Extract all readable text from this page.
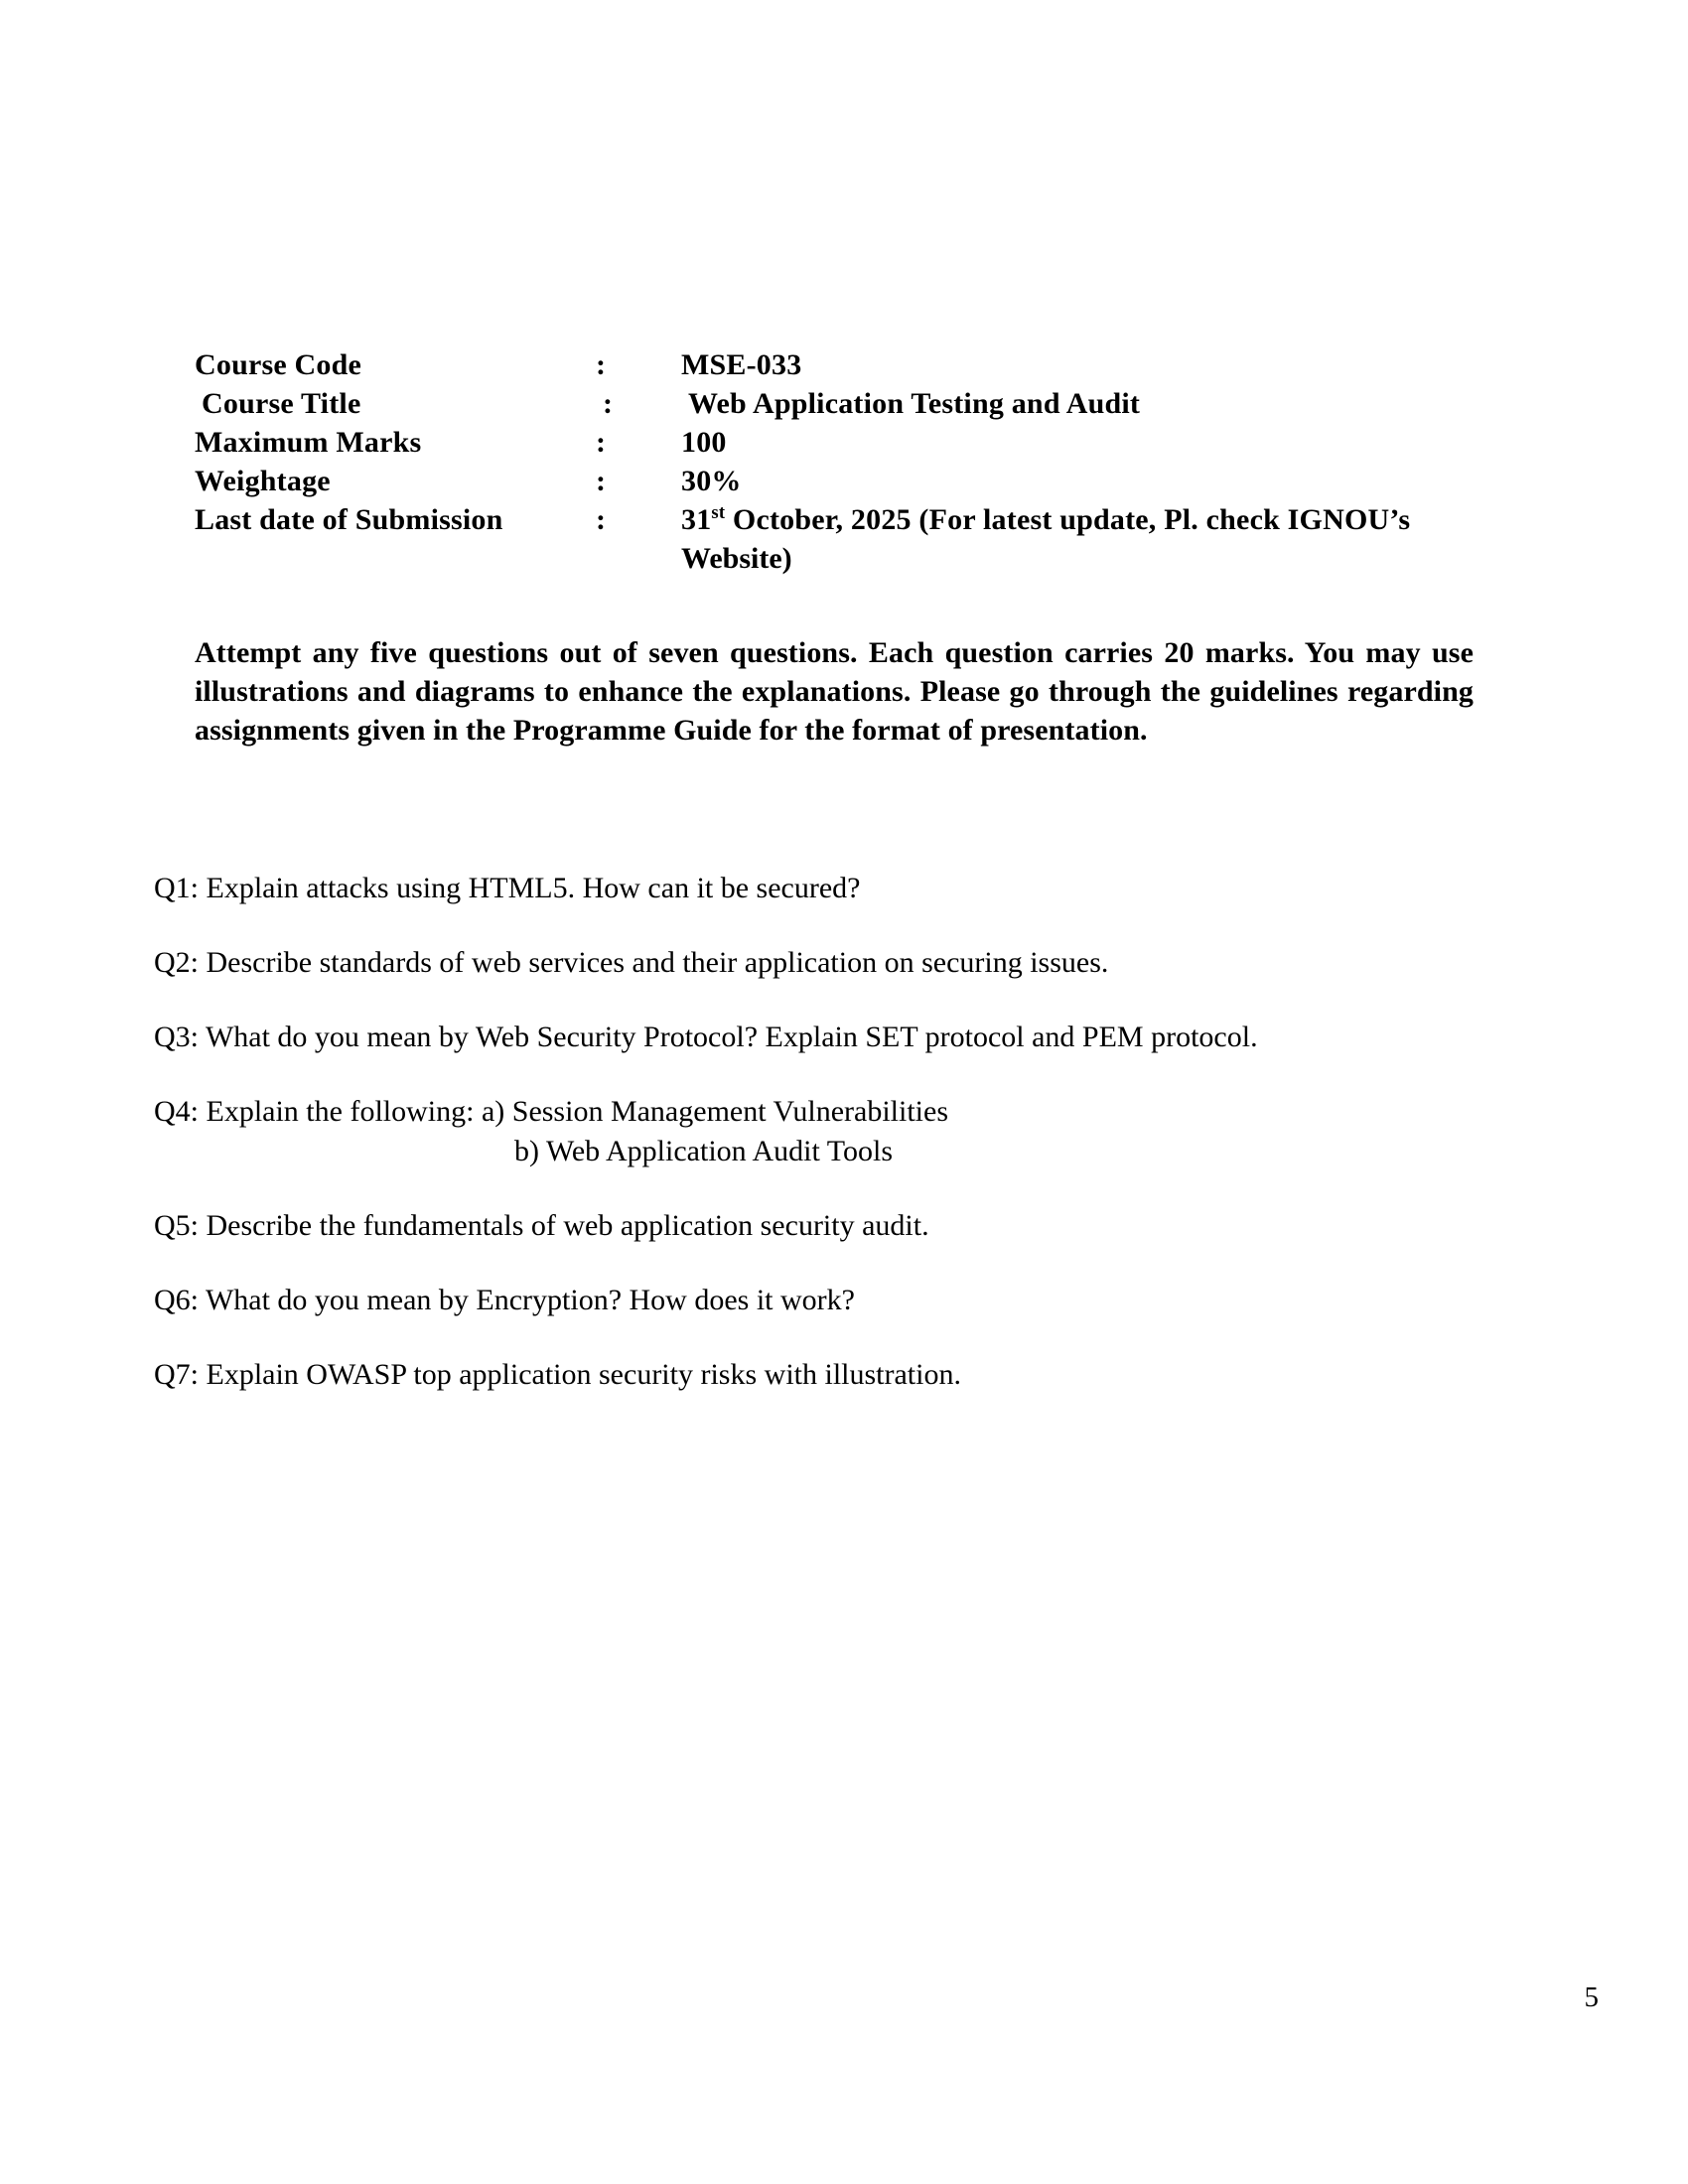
Course Code	:	MSE-033
Course Title	:	Web Application Testing and Audit
Maximum Marks	:	100
Weightage	:	30%
Last date of Submission	:	31st October, 2025 (For latest update, Pl. check IGNOU’s
Website)

Attempt any five questions out of seven questions. Each question carries 20 marks. You may use illustrations and diagrams to enhance the explanations. Please go through the guidelines regarding assignments given in the Programme Guide for the format of presentation.

Q1: Explain attacks using HTML5. How can it be secured?
Q2: Describe standards of web services and their application on securing issues.
Q3: What do you mean by Web Security Protocol? Explain SET protocol and PEM protocol.
Q4: Explain the following: a) Session Management Vulnerabilities
b) Web Application Audit Tools
Q5: Describe the fundamentals of web application security audit.
Q6: What do you mean by Encryption? How does it work?
Q7: Explain OWASP top application security risks with illustration.
5
